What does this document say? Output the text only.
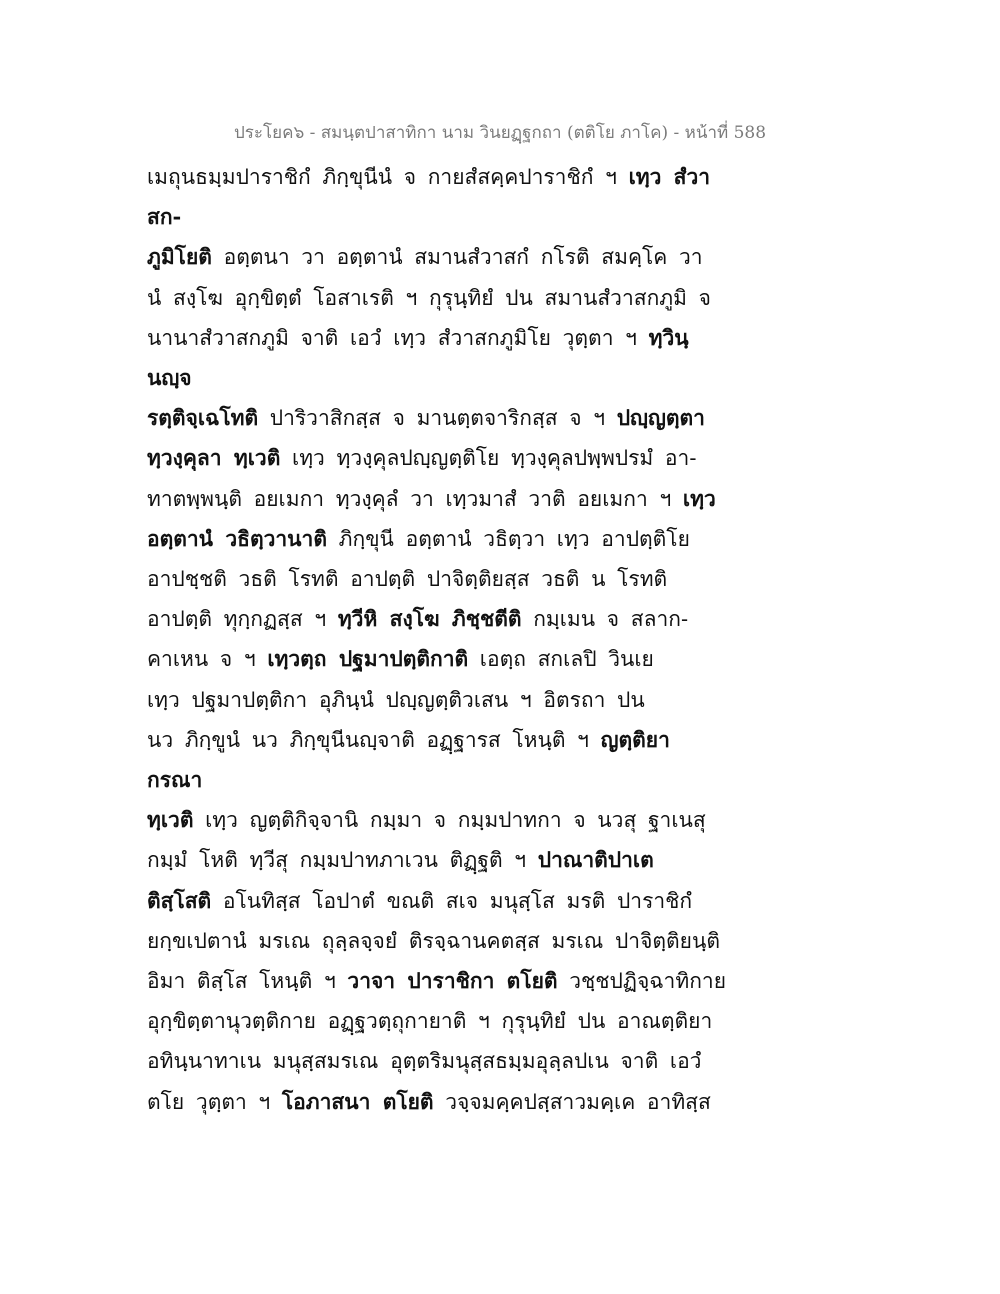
ประโยค๖ - สมนฺตปาสาทิกา นาม วินยฏฺฐกถา (ตติโย ภาโค) - หน้าที่ 588
เมถุนธมฺมปาราชิกํ ภิกฺขุนีนํ จ กายสํสคฺคปาราชิกํ ฯ เทฺว สํวาสก-
ภูมิโยติ อตฺตนา วา อตฺตานํ สมานสํวาสกํ กโรติ สมคฺโค วา
นํ สงฺโฆ อุกฺขิตฺตํ โอสาเรติ ฯ กุรุนฺทิยํ ปน สมานสํวาสกภูมิ จ
นานาสํวาสกภูมิ จาติ เอวํ เทฺว สํวาสกภูมิโย วุตฺตา ฯ ทฺวินฺนญฺจ
รตฺติจฺเฉโทติ ปาริวาสิกสฺส จ มานตฺตจาริกสฺส จ ฯ ปญฺญตฺตา
ทฺวงฺคุลา ทฺเวติ เทฺว ทฺวงฺคุลปญฺญตฺติโย ทฺวงฺคุลปพฺพปรมํ อา-
ทาตพฺพนฺติ อยเมกา ทฺวงฺคุลํ วา เทฺวมาสํ วาติ อยเมกา ฯ เทฺว
อตฺตานํ วธิตฺวานาติ ภิกฺขุนี อตฺตานํ วธิตฺวา เทฺว อาปตฺติโย
อาปชฺชติ วธติ โรทติ อาปตฺติ ปาจิตฺติยสฺส วธติ น โรทติ
อาปตฺติ ทุกฺกฏสฺส ฯ ทฺวีหิ สงฺโฆ ภิชฺชตีติ กมฺเมน จ สลาก-
คาเหน จ ฯ เทฺวตฺถ ปฐมาปตฺติกาติ เอตฺถ สกเลปิ วินเย
เทฺว ปฐมาปตฺติกา อุภินฺนํ ปญฺญตฺติวเสน ฯ อิตรถา ปน
นว ภิกฺขูนํ นว ภิกฺขุนีนญฺจาติ อฏฺฐารส โหนฺติ ฯ ญตฺติยา กรณา
ทฺเวติ เทฺว ญตฺติกิจฺจานิ กมฺมา จ กมฺมปาทกา จ นวสุ ฐาเนสุ
กมฺมํ โหติ ทฺวีสุ กมฺมปาทภาเวน ติฏฺฐติ ฯ ปาณาติปาเต
ติสฺโสติ อโนทิสฺส โอปาตํ ขณติ สเจ มนุสฺโส มรติ ปาราชิกํ
ยกฺขเปตานํ มรเณ ถุลฺลจฺจยํ ติรจฺฉานคตสฺส มรเณ ปาจิตฺติยนฺติ
อิมา ติสฺโส โหนฺติ ฯ วาจา ปาราชิกา ตโยติ วชฺชปฏิจฺฉาทิกาย
อุกฺขิตฺตานุวตฺติกาย อฏฺฐวตฺถุกายาติ ฯ กุรุนฺทิยํ ปน อาณตฺติยา
อทินฺนาทาเน มนุสฺสมรเณ อุตฺตริมนุสฺสธมฺมอุลฺลปเน จาติ เอวํ
ตโย วุตฺตา ฯ โอภาสนา ตโยติ วจฺจมคฺคปสฺสาวมคฺเค อาทิสฺส
